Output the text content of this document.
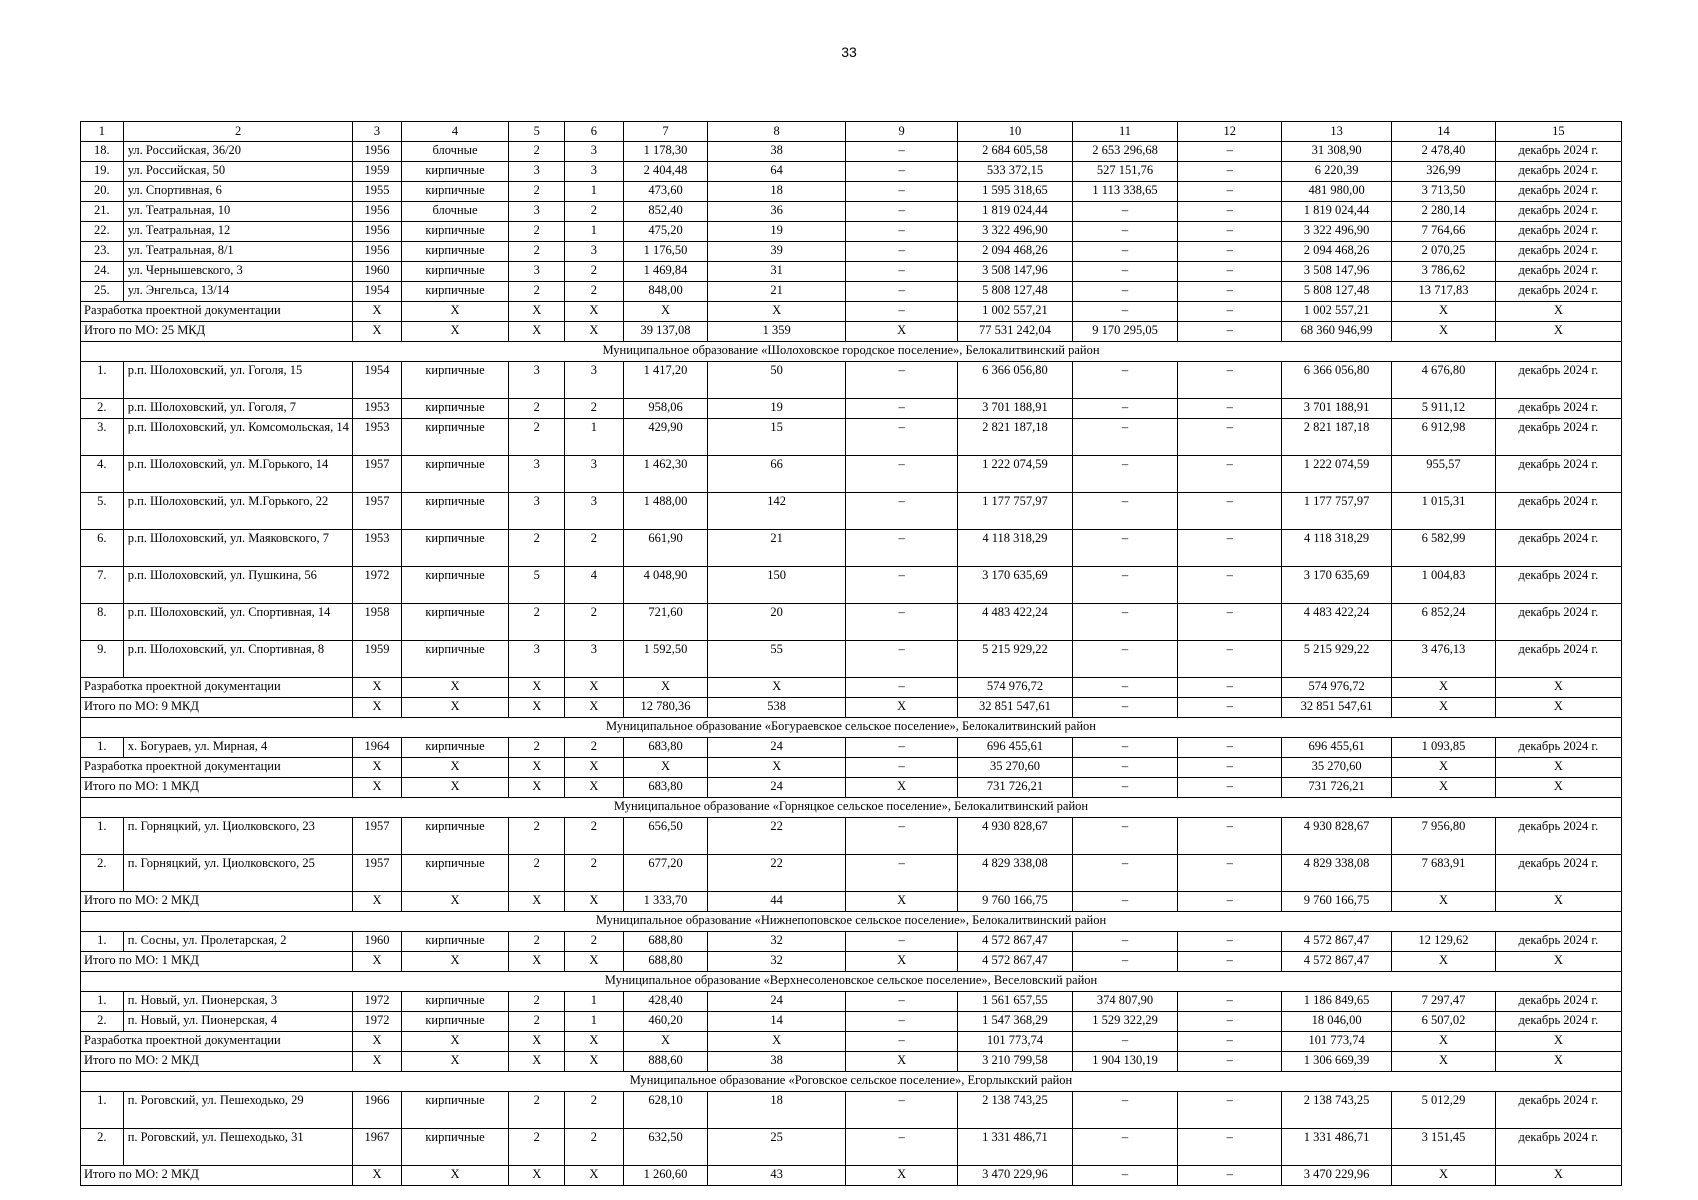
33
1	2	3	4	5	6	7	8	9	10	11	12	13	14	15
18.	ул. Российская, 36/20	1956	блочные	2	3	1 178,30	38	–	2 684 605,58	2 653 296,68	–	31 308,90	2 478,40	декабрь 2024 г.
19.	ул. Российская, 50	1959	кирпичные	3	3	2 404,48	64	–	533 372,15	527 151,76	–	6 220,39	326,99	декабрь 2024 г.
20.	ул. Спортивная, 6	1955	кирпичные	2	1	473,60	18	–	1 595 318,65	1 113 338,65	–	481 980,00	3 713,50	декабрь 2024 г.
21.	ул. Театральная, 10	1956	блочные	3	2	852,40	36	–	1 819 024,44	–	–	1 819 024,44	2 280,14	декабрь 2024 г.
22.	ул. Театральная, 12	1956	кирпичные	2	1	475,20	19	–	3 322 496,90	–	–	3 322 496,90	7 764,66	декабрь 2024 г.
23.	ул. Театральная, 8/1	1956	кирпичные	2	3	1 176,50	39	–	2 094 468,26	–	–	2 094 468,26	2 070,25	декабрь 2024 г.
24.	ул. Чернышевского, 3	1960	кирпичные	3	2	1 469,84	31	–	3 508 147,96	–	–	3 508 147,96	3 786,62	декабрь 2024 г.
25.	ул. Энгельса, 13/14	1954	кирпичные	2	2	848,00	21	–	5 808 127,48	–	–	5 808 127,48	13 717,83	декабрь 2024 г.
Разработка проектной документации		X	X	X	X	X	X	–	1 002 557,21	–	–	1 002 557,21	X	X
Итого по МО: 25 МКД		X	X	X	X	39 137,08	1 359	X	77 531 242,04	9 170 295,05	–	68 360 946,99	X	X
Муниципальное образование «Шолоховское городское поселение», Белокалитвинский район														
1.	р.п. Шолоховский, ул. Гоголя, 15	1954	кирпичные	3	3	1 417,20	50	–	6 366 056,80	–	–	6 366 056,80	4 676,80	декабрь 2024 г.
2.	р.п. Шолоховский, ул. Гоголя, 7	1953	кирпичные	2	2	958,06	19	–	3 701 188,91	–	–	3 701 188,91	5 911,12	декабрь 2024 г.
3.	р.п. Шолоховский, ул. Комсомольская, 14	1953	кирпичные	2	1	429,90	15	–	2 821 187,18	–	–	2 821 187,18	6 912,98	декабрь 2024 г.
4.	р.п. Шолоховский, ул. М.Горького, 14	1957	кирпичные	3	3	1 462,30	66	–	1 222 074,59	–	–	1 222 074,59	955,57	декабрь 2024 г.
5.	р.п. Шолоховский, ул. М.Горького, 22	1957	кирпичные	3	3	1 488,00	142	–	1 177 757,97	–	–	1 177 757,97	1 015,31	декабрь 2024 г.
6.	р.п. Шолоховский, ул. Маяковского, 7	1953	кирпичные	2	2	661,90	21	–	4 118 318,29	–	–	4 118 318,29	6 582,99	декабрь 2024 г.
7.	р.п. Шолоховский, ул. Пушкина, 56	1972	кирпичные	5	4	4 048,90	150	–	3 170 635,69	–	–	3 170 635,69	1 004,83	декабрь 2024 г.
8.	р.п. Шолоховский, ул. Спортивная, 14	1958	кирпичные	2	2	721,60	20	–	4 483 422,24	–	–	4 483 422,24	6 852,24	декабрь 2024 г.
9.	р.п. Шолоховский, ул. Спортивная, 8	1959	кирпичные	3	3	1 592,50	55	–	5 215 929,22	–	–	5 215 929,22	3 476,13	декабрь 2024 г.
Разработка проектной документации		X	X	X	X	X	X	–	574 976,72	–	–	574 976,72	X	X
Итого по МО: 9 МКД		X	X	X	X	12 780,36	538	X	32 851 547,61	–	–	32 851 547,61	X	X
Муниципальное образование «Богураевское сельское поселение», Белокалитвинский район														
1.	х. Богураев, ул. Мирная, 4	1964	кирпичные	2	2	683,80	24	–	696 455,61	–	–	696 455,61	1 093,85	декабрь 2024 г.
Разработка проектной документации		X	X	X	X	X	X	–	35 270,60	–	–	35 270,60	X	X
Итого по МО: 1 МКД		X	X	X	X	683,80	24	X	731 726,21	–	–	731 726,21	X	X
Муниципальное образование «Горняцкое сельское поселение», Белокалитвинский район														
1.	п. Горняцкий, ул. Циолковского, 23	1957	кирпичные	2	2	656,50	22	–	4 930 828,67	–	–	4 930 828,67	7 956,80	декабрь 2024 г.
2.	п. Горняцкий, ул. Циолковского, 25	1957	кирпичные	2	2	677,20	22	–	4 829 338,08	–	–	4 829 338,08	7 683,91	декабрь 2024 г.
Итого по МО: 2 МКД		X	X	X	X	1 333,70	44	X	9 760 166,75	–	–	9 760 166,75	X	X
Муниципальное образование «Нижнепоповское сельское поселение», Белокалитвинский район														
1.	п. Сосны, ул. Пролетарская, 2	1960	кирпичные	2	2	688,80	32	–	4 572 867,47	–	–	4 572 867,47	12 129,62	декабрь 2024 г.
Итого по МО: 1 МКД		X	X	X	X	688,80	32	X	4 572 867,47	–	–	4 572 867,47	X	X
Муниципальное образование «Верхнесоленовское сельское поселение», Веселовский район														
1.	п. Новый, ул. Пионерская, 3	1972	кирпичные	2	1	428,40	24	–	1 561 657,55	374 807,90	–	1 186 849,65	7 297,47	декабрь 2024 г.
2.	п. Новый, ул. Пионерская, 4	1972	кирпичные	2	1	460,20	14	–	1 547 368,29	1 529 322,29	–	18 046,00	6 507,02	декабрь 2024 г.
Разработка проектной документации		X	X	X	X	X	X	–	101 773,74	–	–	101 773,74	X	X
Итого по МО: 2 МКД		X	X	X	X	888,60	38	X	3 210 799,58	1 904 130,19	–	1 306 669,39	X	X
Муниципальное образование «Роговское сельское поселение», Егорлыкский район														
1.	п. Роговский, ул. Пешеходько, 29	1966	кирпичные	2	2	628,10	18	–	2 138 743,25	–	–	2 138 743,25	5 012,29	декабрь 2024 г.
2.	п. Роговский, ул. Пешеходько, 31	1967	кирпичные	2	2	632,50	25	–	1 331 486,71	–	–	1 331 486,71	3 151,45	декабрь 2024 г.
Итого по МО: 2 МКД		X	X	X	X	1 260,60	43	X	3 470 229,96	–	–	3 470 229,96	X	X
